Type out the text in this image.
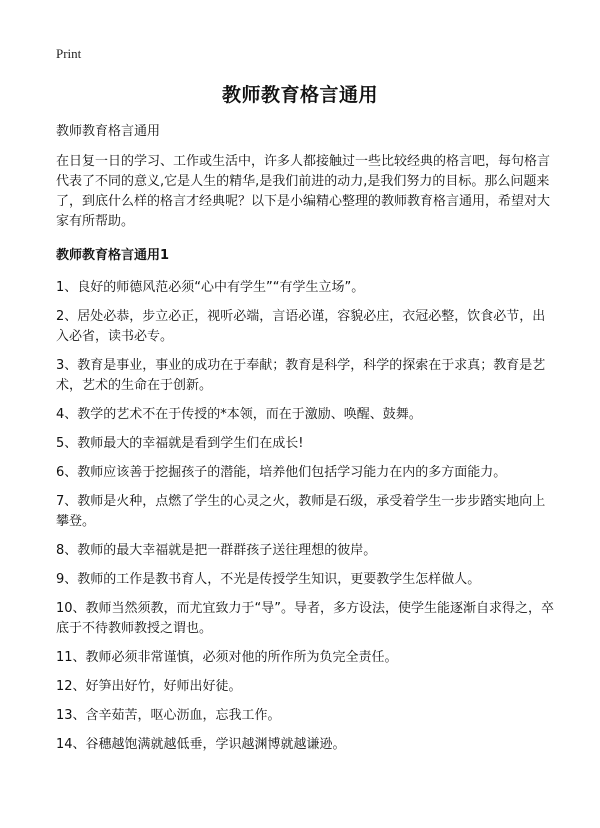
Print
教师教育格言通用

教师教育格言通用

在日复一日的学习、工作或生活中，许多人都接触过一些比较经典的格言吧，每句格言代表了不同的意义,它是人生的精华,是我们前进的动力,是我们努力的目标。那么问题来了，到底什么样的格言才经典呢？以下是小编精心整理的教师教育格言通用，希望对大家有所帮助。

教师教育格言通用1

1、良好的师德风范必须“心中有学生”“有学生立场”。

2、居处必恭，步立必正，视听必端，言语必谨，容貌必庄，衣冠必整，饮食必节，出入必省，读书必专。

3、教育是事业，事业的成功在于奉献；教育是科学，科学的探索在于求真；教育是艺术，艺术的生命在于创新。

4、教学的艺术不在于传授的*本领，而在于激励、唤醒、鼓舞。

5、教师最大的幸福就是看到学生们在成长!

6、教师应该善于挖掘孩子的潜能，培养他们包括学习能力在内的多方面能力。

7、教师是火种，点燃了学生的心灵之火，教师是石级，承受着学生一步步踏实地向上攀登。

8、教师的最大幸福就是把一群群孩子送往理想的彼岸。

9、教师的工作是教书育人，不光是传授学生知识，更要教学生怎样做人。

10、教师当然须教，而尤宜致力于“导”。导者，多方设法，使学生能逐渐自求得之，卒底于不待教师教授之谓也。

11、教师必须非常谨慎，必须对他的所作所为负完全责任。

12、好笋出好竹，好师出好徒。

13、含辛茹苦，呕心沥血，忘我工作。

14、谷穗越饱满就越低垂，学识越渊博就越谦逊。
